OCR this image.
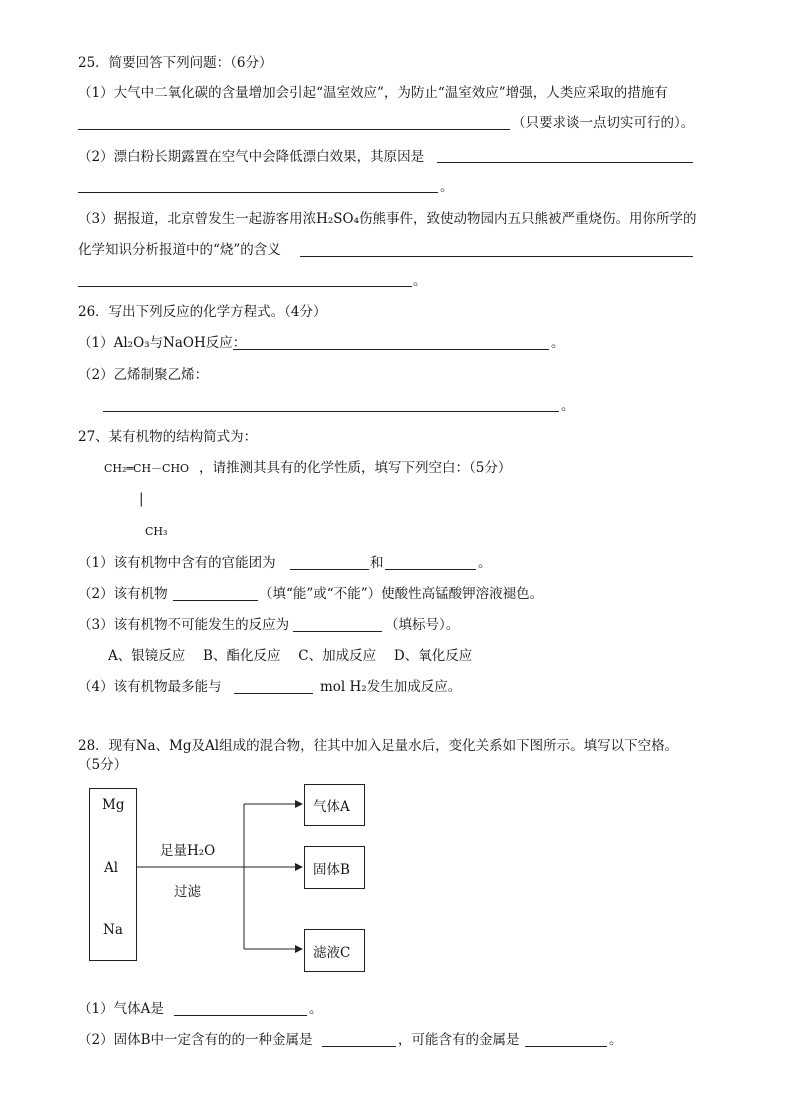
25．简要回答下列问题：（6分）
（1）大气中二氧化碳的含量增加会引起“温室效应”，为防止“温室效应”增强，人类应采取的措施有
（只要求谈一点切实可行的）。
（2）漂白粉长期露置在空气中会降低漂白效果，其原因是
。
（3）据报道，北京曾发生一起游客用浓H₂SO₄伤熊事件，致使动物园内五只熊被严重烧伤。用你所学的
化学知识分析报道中的“烧”的含义
。
26．写出下列反应的化学方程式。（4分）
（1）Al₂O₃与NaOH反应：	。
（2）乙烯制聚乙烯：
。
27、某有机物的结构简式为：
CH₂═CH－CHO ，请推测其具有的化学性质，填写下列空白：（5分）
|
CH₃
（1）该有机物中含有的官能团为	和	。
（2）该有机物	（填“能”或“不能”）使酸性高锰酸钾溶液褪色。
（3）该有机物不可能发生的反应为	（填标号）。
A、银镜反应　 B、酯化反应　 C、加成反应　 D、氧化反应
（4）该有机物最多能与	mol H₂发生加成反应。
28．现有Na、Mg及Al组成的混合物，往其中加入足量水后，变化关系如下图所示。填写以下空格。
（5分）
Mg
Al
Na
足量H₂O
过滤
气体A
固体B
滤液C
（1）气体A是	。
（2）固体B中一定含有的的一种金属是	，可能含有的金属是	。
